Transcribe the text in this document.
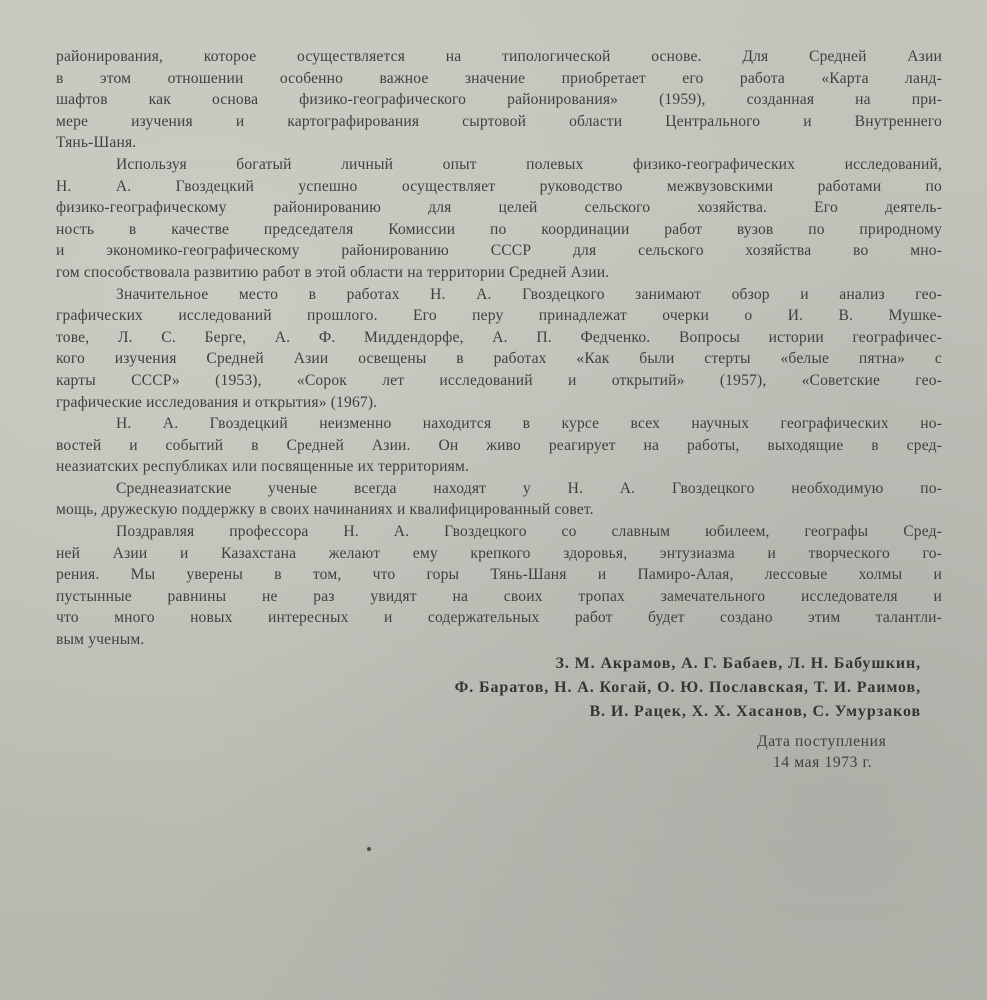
районирования, которое осуществляется на типологической основе. Для Средней Азии
в этом отношении особенно важное значение приобретает его работа «Карта ланд-
шафтов как основа физико-географического районирования» (1959), созданная на при-
мере изучения и картографирования сыртовой области Центрального и Внутреннего
Тянь-Шаня.
Используя богатый личный опыт полевых физико-географических исследований,
Н. А. Гвоздецкий успешно осуществляет руководство межвузовскими работами по
физико-географическому районированию для целей сельского хозяйства. Его деятель-
ность в качестве председателя Комиссии по координации работ вузов по природному
и экономико-географическому районированию СССР для сельского хозяйства во мно-
гом способствовала развитию работ в этой области на территории Средней Азии.
Значительное место в работах Н. А. Гвоздецкого занимают обзор и анализ гео-
графических исследований прошлого. Его перу принадлежат очерки о И. В. Мушке-
тове, Л. С. Берге, А. Ф. Миддендорфе, А. П. Федченко. Вопросы истории географичес-
кого изучения Средней Азии освещены в работах «Как были стерты «белые пятна» с
карты СССР» (1953), «Сорок лет исследований и открытий» (1957), «Советские гео-
графические исследования и открытия» (1967).
Н. А. Гвоздецкий неизменно находится в курсе всех научных географических но-
востей и событий в Средней Азии. Он живо реагирует на работы, выходящие в сред-
неазиатских республиках или посвященные их территориям.
Среднеазиатские ученые всегда находят у Н. А. Гвоздецкого необходимую по-
мощь, дружескую поддержку в своих начинаниях и квалифицированный совет.
Поздравляя профессора Н. А. Гвоздецкого со славным юбилеем, географы Сред-
ней Азии и Казахстана желают ему крепкого здоровья, энтузиазма и творческого го-
рения. Мы уверены в том, что горы Тянь-Шаня и Памиро-Алая, лессовые холмы и
пустынные равнины не раз увидят на своих тропах замечательного исследователя и
что много новых интересных и содержательных работ будет создано этим талантли-
вым ученым.
З. М. Акрамов, А. Г. Бабаев, Л. Н. Бабушкин,
Ф. Баратов, Н. А. Когай, О. Ю. Пославская, Т. И. Раимов,
В. И. Рацек, Х. Х. Хасанов, С. Умурзаков
Дата поступления
14 мая 1973 г.
